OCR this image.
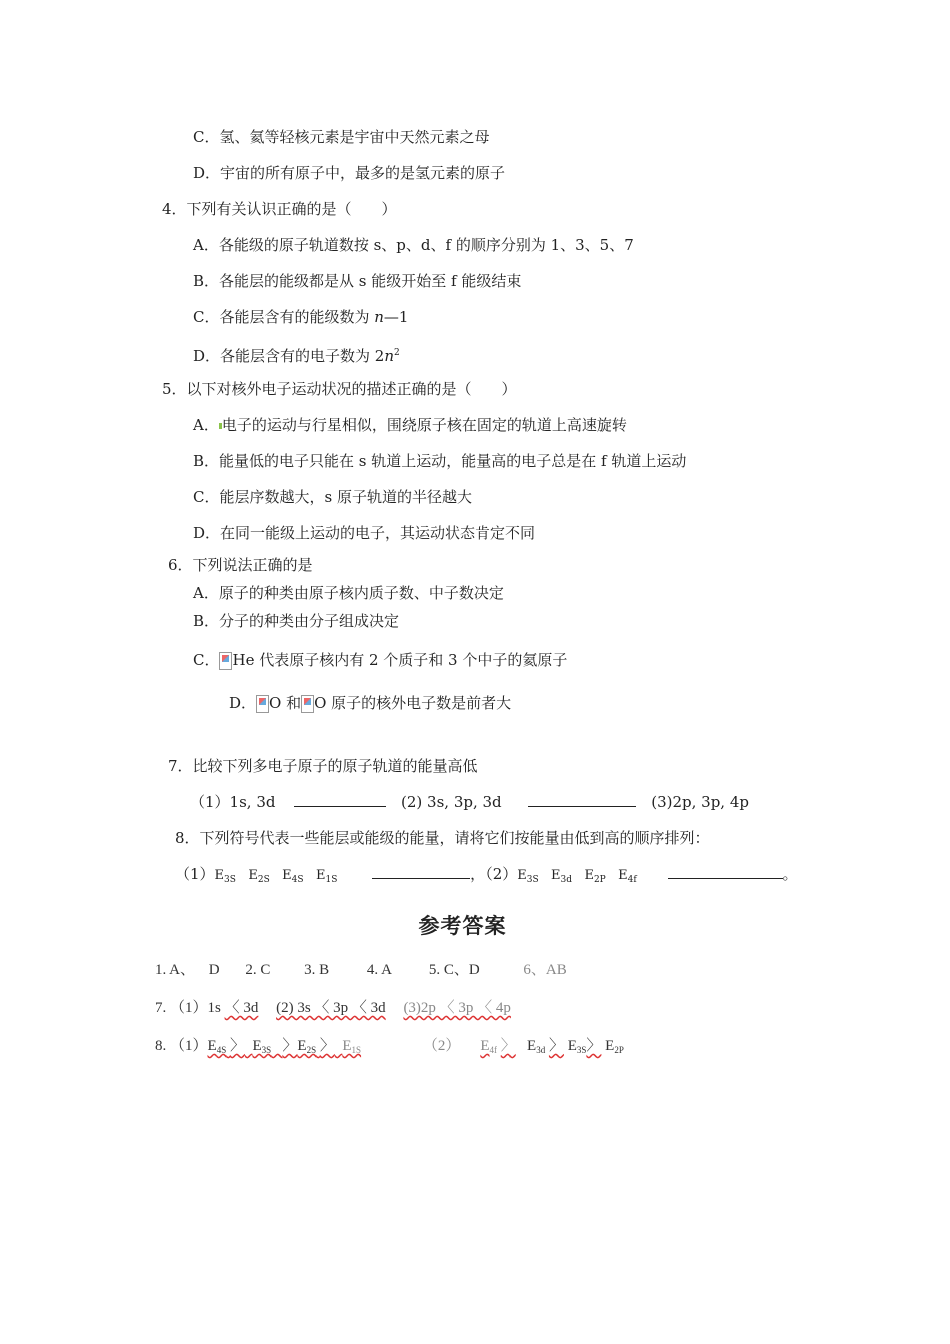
C．氢、氦等轻核元素是宇宙中天然元素之母
D．宇宙的所有原子中，最多的是氢元素的原子
4．下列有关认识正确的是（　　）
A．各能级的原子轨道数按 s、p、d、f 的顺序分别为 1、3、5、7
B．各能层的能级都是从 s 能级开始至 f 能级结束
C．各能层含有的能级数为 n—1
D．各能层含有的电子数为 $2n^2$
5．以下对核外电子运动状况的描述正确的是（　　）
A． 电子的运动与行星相似，围绕原子核在固定的轨道上高速旋转
B．能量低的电子只能在 s 轨道上运动，能量高的电子总是在 f 轨道上运动
C．能层序数越大，s 原子轨道的半径越大
D．在同一能级上运动的电子，其运动状态肯定不同
6．下列说法正确的是
A．原子的种类由原子核内质子数、中子数决定
B．分子的种类由分子组成决定
C． He 代表原子核内有 2 个质子和 3 个中子的氦原子
D． O 和 O 原子的核外电子数是前者大
7．比较下列多电子原子的原子轨道的能量高低
（1）1s, 3d	(2) 3s, 3p, 3d	(3)2p, 3p, 4p
8．下列符号代表一些能层或能级的能量，请将它们按能量由低到高的顺序排列：
$(1)E_{3S}$ $E_{2S}$ $E_{4S}$ $E_{1S}$	，$(2)E_{3S}$ $E_{3d}$ $E_{2P}$ $E_{4f}$	。
参考答案
1. A、 D 2. C 3. B	4. A	5. C、D	6、AB
7. （1）1s 〈 3d (2) 3s 〈 3p 〈 3d (3)2p 〈 3p 〈 4p
8. $(1)E_{4S}$ 〉 $E_{3S}$ 〉$E_{2S}$ 〉 $E_{1S}$	（2） $E_{4f}$ 〉 $E_{3d}$ 〉 $E_{3S}$〉 $E_{2P}$
